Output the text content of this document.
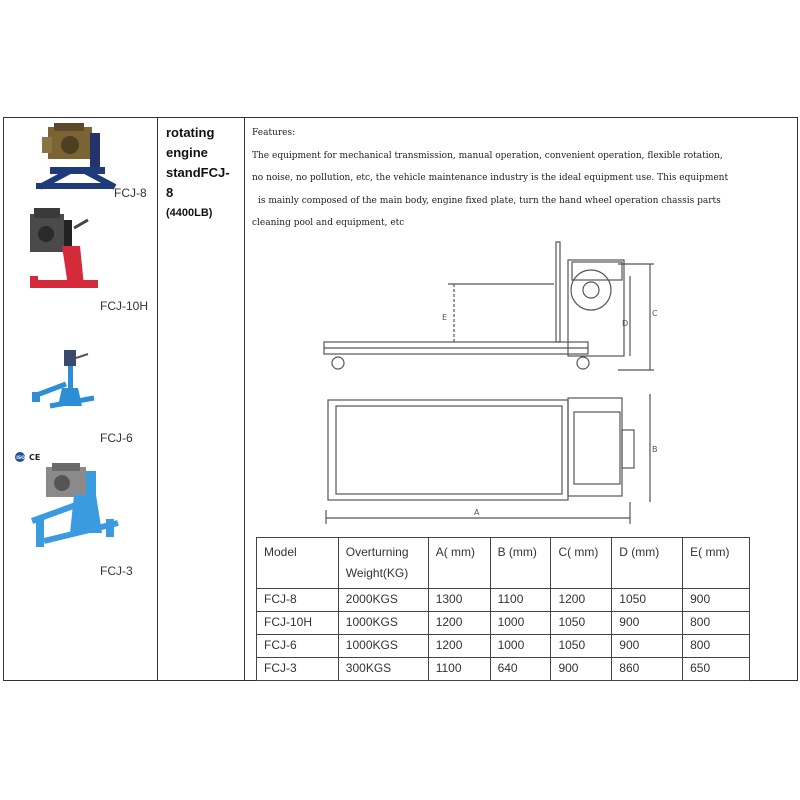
FCJ-8
FCJ-10H
FCJ-6
ISO CE
FCJ-3
rotating
engine
standFCJ-
8
(4400LB)
Features:
The equipment for mechanical transmission, manual operation, convenient operation, flexible rotation,
no noise, no pollution, etc, the vehicle maintenance industry is the ideal equipment use. This equipment
is mainly composed of the main body, engine fixed plate, turn the hand wheel operation chassis parts
cleaning pool and equipment, etc
E
D
C
B
A
Model	Overturning Weight(KG)	A( mm)	B (mm)	C( mm)	D (mm)	E( mm)
FCJ-8	2000KGS	1300	1100	1200	1050	900
FCJ-10H	1000KGS	1200	1000	1050	900	800
FCJ-6	1000KGS	1200	1000	1050	900	800
FCJ-3	300KGS	1100	640	900	860	650
